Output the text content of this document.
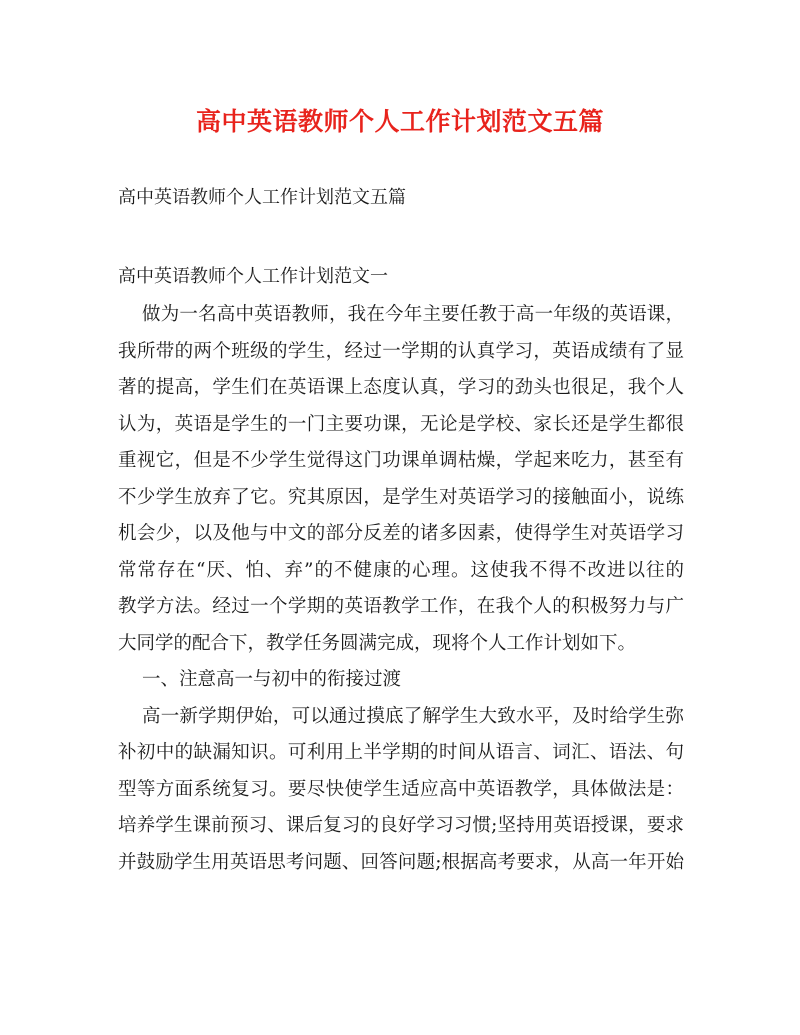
高中英语教师个人工作计划范文五篇
高中英语教师个人工作计划范文五篇
高中英语教师个人工作计划范文一
做为一名高中英语教师，我在今年主要任教于高一年级的英语课，
我所带的两个班级的学生，经过一学期的认真学习，英语成绩有了显
著的提高，学生们在英语课上态度认真，学习的劲头也很足，我个人
认为，英语是学生的一门主要功课，无论是学校、家长还是学生都很
重视它，但是不少学生觉得这门功课单调枯燥，学起来吃力，甚至有
不少学生放弃了它。究其原因，是学生对英语学习的接触面小，说练
机会少，以及他与中文的部分反差的诸多因素，使得学生对英语学习
常常存在“厌、怕、弃”的不健康的心理。这使我不得不改进以往的
教学方法。经过一个学期的英语教学工作，在我个人的积极努力与广
大同学的配合下，教学任务圆满完成，现将个人工作计划如下。
一、注意高一与初中的衔接过渡
高一新学期伊始，可以通过摸底了解学生大致水平，及时给学生弥
补初中的缺漏知识。可利用上半学期的时间从语言、词汇、语法、句
型等方面系统复习。要尽快使学生适应高中英语教学，具体做法是：
培养学生课前预习、课后复习的良好学习习惯;坚持用英语授课，要求
并鼓励学生用英语思考问题、回答问题;根据高考要求，从高一年开始
